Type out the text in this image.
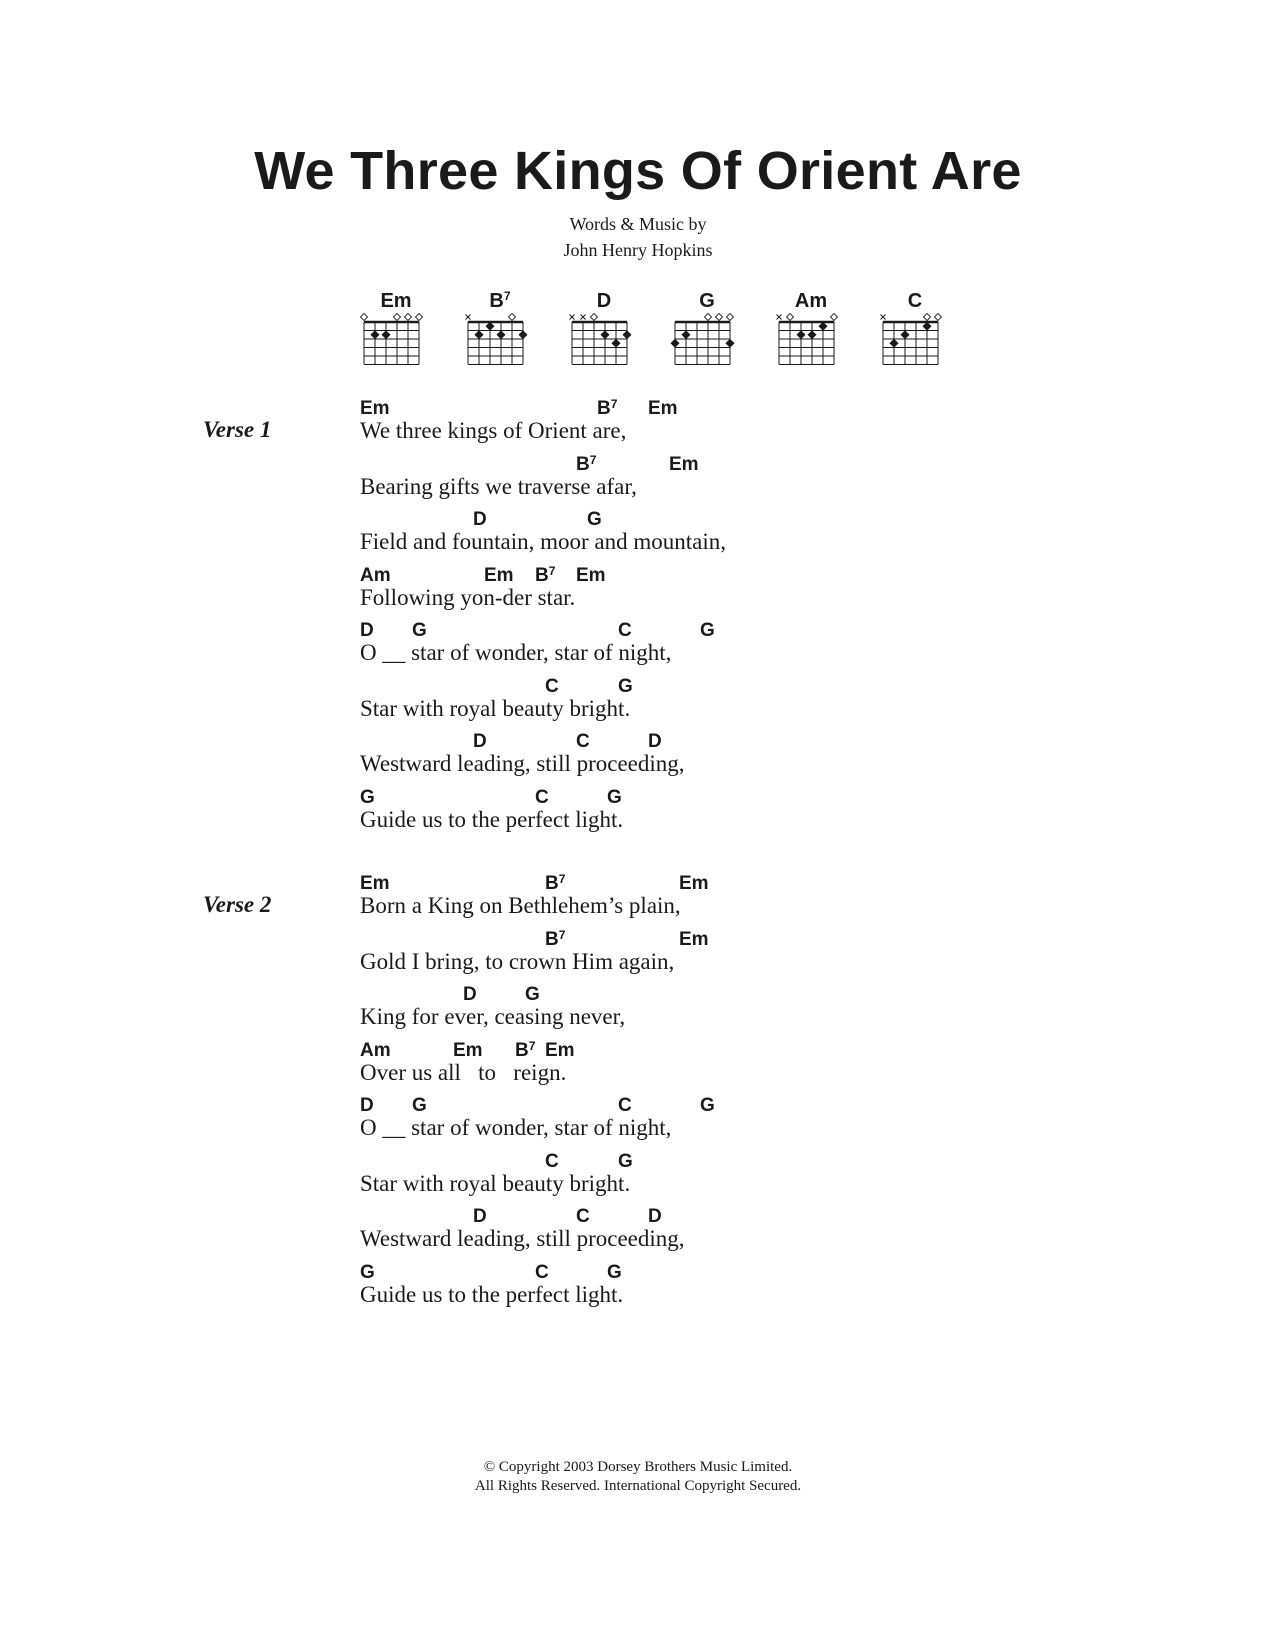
We Three Kings Of Orient Are
Words & Music by
John Henry Hopkins
Em	$B^7$	D	G	Am	C
Verse 1	We three kings of Orient are,
Em	$B^7$ Em
Bearing gifts we traverse afar,
$B^7$	Em
Field and fountain, moor and mountain,
D	G
Following yon-der star.
Am	Em $B^7$ Em
O __ star of wonder, star of night,
D G	C	G
Star with royal beauty bright.
C	G
Westward leading, still proceeding,
D	C	D
Guide us to the perfect light.
G	C	G
Verse 2	Born a King on Bethlehem’s plain,
Em	$B^7$	Em
Gold I bring, to crown Him again,
$B^7$	Em
King for ever, ceasing never,
D	G
Over us all   to   reign.
Am	Em $B^7$ Em
O __ star of wonder, star of night,
D G	C	G
Star with royal beauty bright.
C	G
Westward leading, still proceeding,
D	C	D
Guide us to the perfect light.
G	C	G
© Copyright 2003 Dorsey Brothers Music Limited.
All Rights Reserved. International Copyright Secured.
